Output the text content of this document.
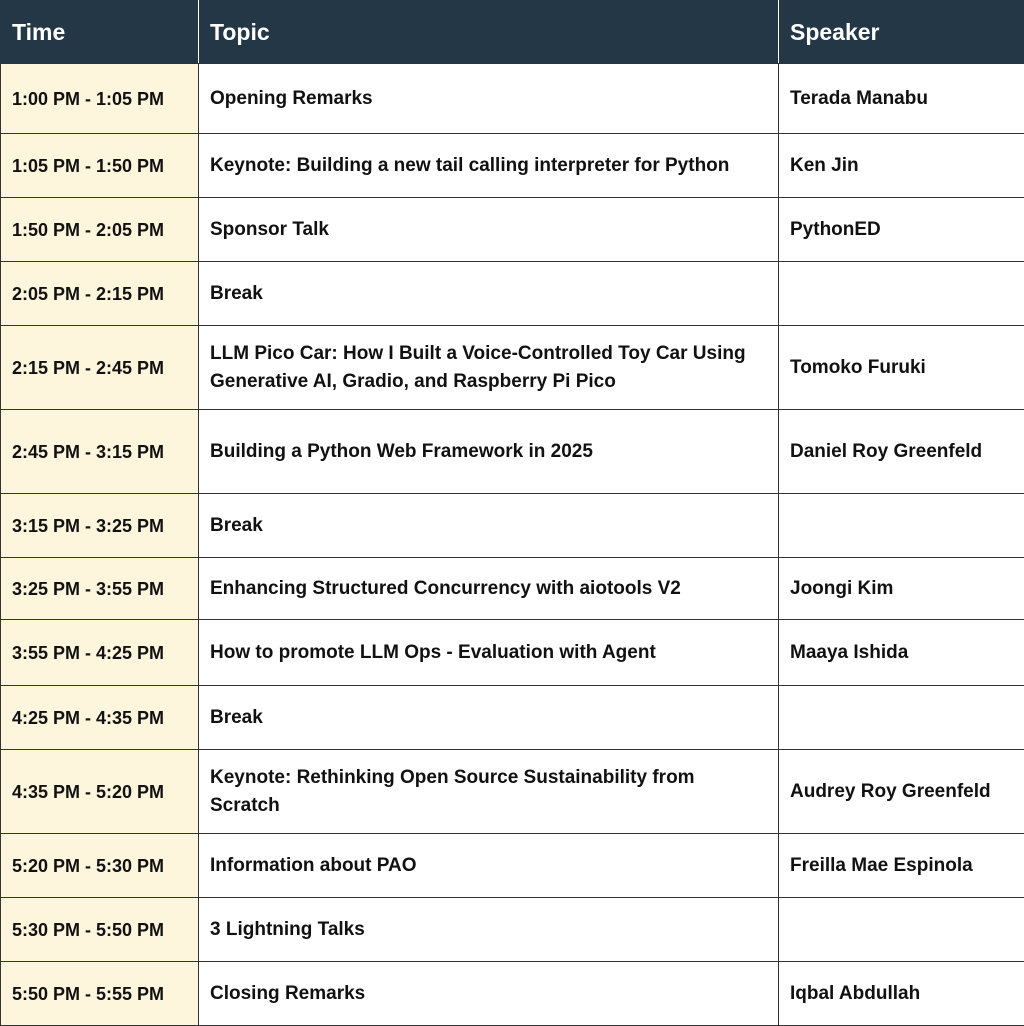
Time	Topic	Speaker
1:00 PM - 1:05 PM	Opening Remarks	Terada Manabu
1:05 PM - 1:50 PM	Keynote: Building a new tail calling interpreter for Python	Ken Jin
1:50 PM - 2:05 PM	Sponsor Talk	PythonED
2:05 PM - 2:15 PM	Break	
2:15 PM - 2:45 PM	LLM Pico Car: How I Built a Voice-Controlled Toy Car Using Generative AI, Gradio, and Raspberry Pi Pico	Tomoko Furuki
2:45 PM - 3:15 PM	Building a Python Web Framework in 2025	Daniel Roy Greenfeld
3:15 PM - 3:25 PM	Break	
3:25 PM - 3:55 PM	Enhancing Structured Concurrency with aiotools V2	Joongi Kim
3:55 PM - 4:25 PM	How to promote LLM Ops - Evaluation with Agent	Maaya Ishida
4:25 PM - 4:35 PM	Break	
4:35 PM - 5:20 PM	Keynote: Rethinking Open Source Sustainability from Scratch	Audrey Roy Greenfeld
5:20 PM - 5:30 PM	Information about PAO	Freilla Mae Espinola
5:30 PM - 5:50 PM	3 Lightning Talks	
5:50 PM - 5:55 PM	Closing Remarks	Iqbal Abdullah
